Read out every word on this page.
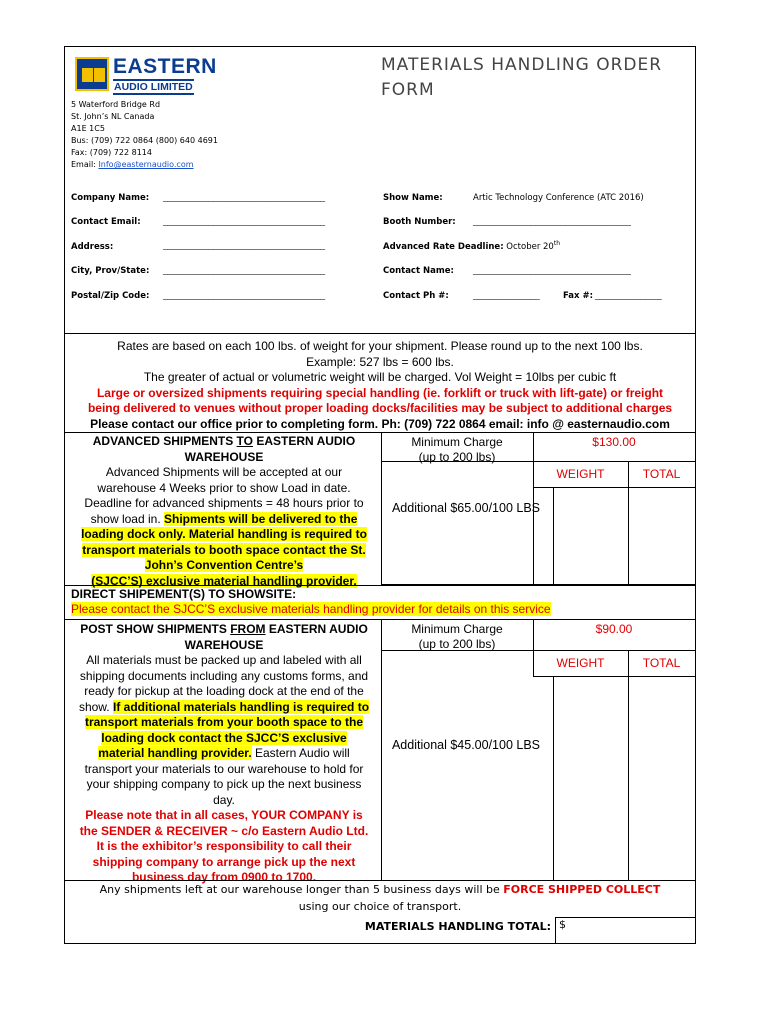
EASTERN
AUDIO LIMITED
MATERIALS HANDLING ORDER
FORM
5 Waterford Bridge Rd
St. John’s NL Canada
A1E 1C5
Bus: (709) 722 0864 (800) 640 4691
Fax: (709) 722 8114
Email: Info@easternaudio.com
Company Name: _______________________________________
Contact Email:	_______________________________________
Address:	_______________________________________
City, Prov/State: _______________________________________
Postal/Zip Code: _______________________________________
Show Name:	Artic Technology Conference (ATC 2016)
Booth Number: ______________________________________
Advanced Rate Deadline: October 20th
Contact Name: ______________________________________
Contact Ph #:	________________	Fax #: ________________
Rates are based on each 100 lbs. of weight for your shipment. Please round up to the next 100 lbs.
Example: 527 lbs = 600 lbs.
The greater of actual or volumetric weight will be charged. Vol Weight = 10lbs per cubic ft
Large or oversized shipments requiring special handling (ie. forklift or truck with lift-gate) or freight
being delivered to venues without proper loading docks/facilities may be subject to additional charges
Please contact our office prior to completing form. Ph: (709) 722 0864 email: info @ easternaudio.com
ADVANCED SHIPMENTS TO EASTERN AUDIO
WAREHOUSE
Advanced Shipments will be accepted at our
warehouse 4 Weeks prior to show Load in date.
Deadline for advanced shipments = 48 hours prior to
show load in. Shipments will be delivered to the
loading dock only. Material handling is required to
transport materials to booth space contact the St.
John’s Convention Centre’s
(SJCC’S) exclusive material handling provider.
Minimum Charge
(up to 200 lbs)
$130.00
WEIGHT	TOTAL
Additional $65.00/100 LBS
DIRECT SHIPEMENT(S) TO SHOWSITE:
Please contact the SJCC’S exclusive materials handling provider for details on this service
POST SHOW SHIPMENTS FROM EASTERN AUDIO
WAREHOUSE
All materials must be packed up and labeled with all
shipping documents including any customs forms, and
ready for pickup at the loading dock at the end of the
show. If additional materials handling is required to
transport materials from your booth space to the
loading dock contact the SJCC’S exclusive
material handling provider. Eastern Audio will
transport your materials to our warehouse to hold for
your shipping company to pick up the next business
day.
Please note that in all cases, YOUR COMPANY is
the SENDER & RECEIVER ~ c/o Eastern Audio Ltd.
It is the exhibitor’s responsibility to call their
shipping company to arrange pick up the next
business day from 0900 to 1700.
Minimum Charge
(up to 200 lbs)
$90.00
WEIGHT	TOTAL
Additional $45.00/100 LBS
Any shipments left at our warehouse longer than 5 business days will be FORCE SHIPPED COLLECT
using our choice of transport.
MATERIALS HANDLING TOTAL: $
